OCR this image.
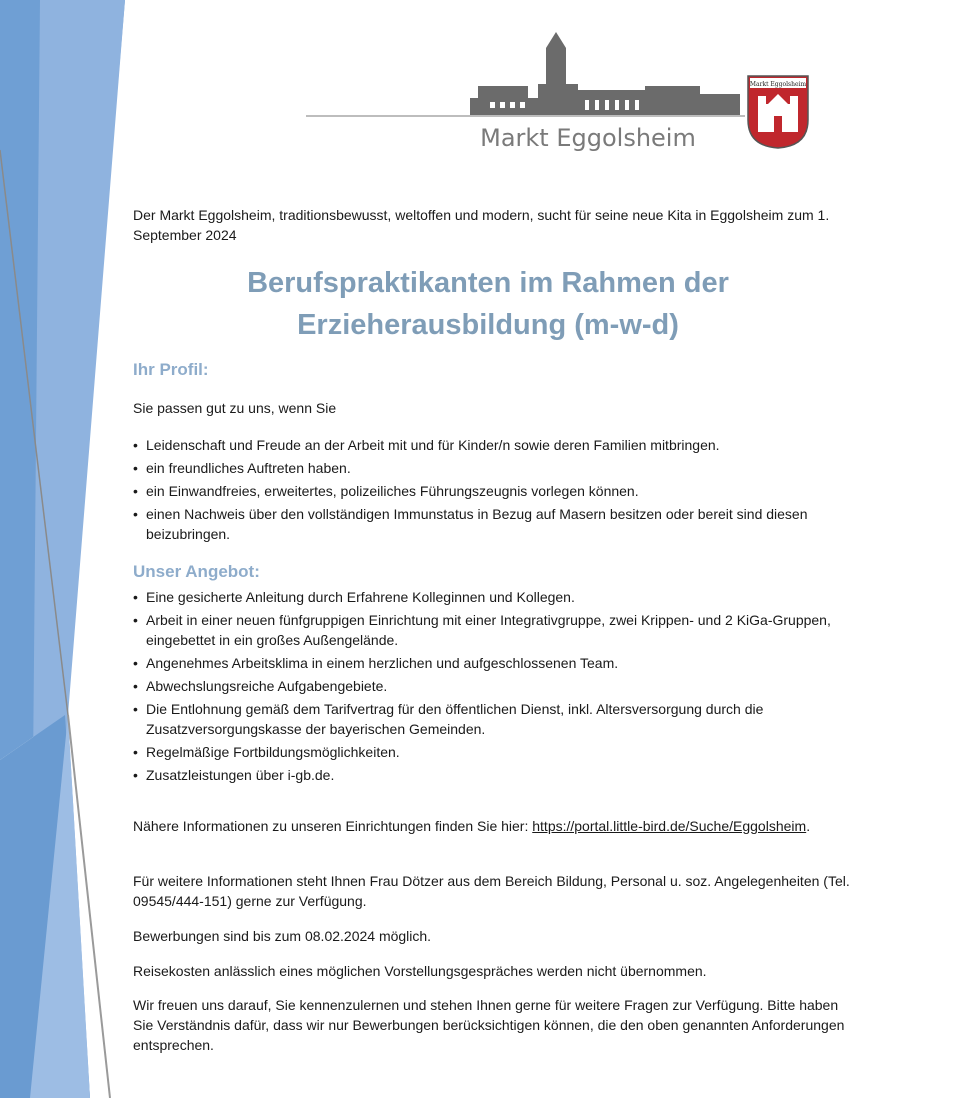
Markt Eggolsheim
Markt Eggolsheim

Der Markt Eggolsheim, traditionsbewusst, weltoffen und modern, sucht für seine neue Kita in Eggolsheim zum 1. September 2024

Berufspraktikanten im Rahmen der
Erzieherausbildung (m-w-d)
Ihr Profil:

Sie passen gut zu uns, wenn Sie

• Leidenschaft und Freude an der Arbeit mit und für Kinder/n sowie deren Familien mitbringen.
• ein freundliches Auftreten haben.
• ein Einwandfreies, erweitertes, polizeiliches Führungszeugnis vorlegen können.
• einen Nachweis über den vollständigen Immunstatus in Bezug auf Masern besitzen oder bereit sind diesen beizubringen.
Unser Angebot:
• Eine gesicherte Anleitung durch Erfahrene Kolleginnen und Kollegen.
• Arbeit in einer neuen fünfgruppigen Einrichtung mit einer Integrativgruppe, zwei Krippen- und 2 KiGa-Gruppen, eingebettet in ein großes Außengelände.
• Angenehmes Arbeitsklima in einem herzlichen und aufgeschlossenen Team.
• Abwechslungsreiche Aufgabengebiete.
• Die Entlohnung gemäß dem Tarifvertrag für den öffentlichen Dienst, inkl. Altersversorgung durch die Zusatzversorgungskasse der bayerischen Gemeinden.
• Regelmäßige Fortbildungsmöglichkeiten.
• Zusatzleistungen über i-gb.de.

Nähere Informationen zu unseren Einrichtungen finden Sie hier: https://portal.little-bird.de/Suche/Eggolsheim.

Für weitere Informationen steht Ihnen Frau Dötzer aus dem Bereich Bildung, Personal u. soz. Angelegenheiten (Tel. 09545/444-151) gerne zur Verfügung.

Bewerbungen sind bis zum 08.02.2024 möglich.

Reisekosten anlässlich eines möglichen Vorstellungsgespräches werden nicht übernommen.

Wir freuen uns darauf, Sie kennenzulernen und stehen Ihnen gerne für weitere Fragen zur Verfügung. Bitte haben Sie Verständnis dafür, dass wir nur Bewerbungen berücksichtigen können, die den oben genannten Anforderungen entsprechen.
